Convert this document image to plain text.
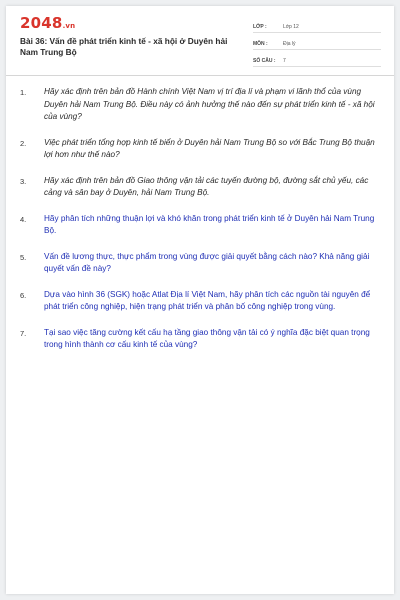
2048.vn
Bài 36: Vấn đề phát triển kinh tế - xã hội ở Duyên hải Nam Trung Bộ
LỚP :	Lớp 12
MÔN :	Địa lý
SỐ CÂU :	7
1.	Hãy xác định trên bản đồ Hành chính Việt Nam vị trí địa lí và phạm vi lãnh thổ của vùng Duyên hải Nam Trung Bộ. Điều này có ảnh hưởng thế nào đến sự phát triển kinh tế - xã hội của vùng?
2.	Việc phát triển tổng hợp kinh tế biển ở Duyên hải Nam Trung Bộ so với Bắc Trung Bộ thuận lợi hơn như thế nào?
3.	Hãy xác định trên bản đồ Giao thông vận tải các tuyến đường bộ, đường sắt chủ yếu, các cảng và sân bay ở Duyên, hải Nam Trung Bộ.
4.	Hãy phân tích những thuận lợi và khó khăn trong phát triển kinh tế ở Duyên hải Nam Trung Bộ.
5.	Vấn đề lương thực, thực phẩm trong vùng được giải quyết bằng cách nào? Khả năng giải quyết vấn đề này?
6.	Dựa vào hình 36 (SGK) hoặc Atlat Địa lí Việt Nam, hãy phân tích các nguồn tài nguyên để phát triển công nghiệp, hiện trạng phát triển và phân bố công nghiệp trong vùng.
7.	Tại sao việc tăng cường kết cấu hạ tầng giao thông vận tải có ý nghĩa đặc biệt quan trọng trong hình thành cơ cấu kinh tế của vùng?
